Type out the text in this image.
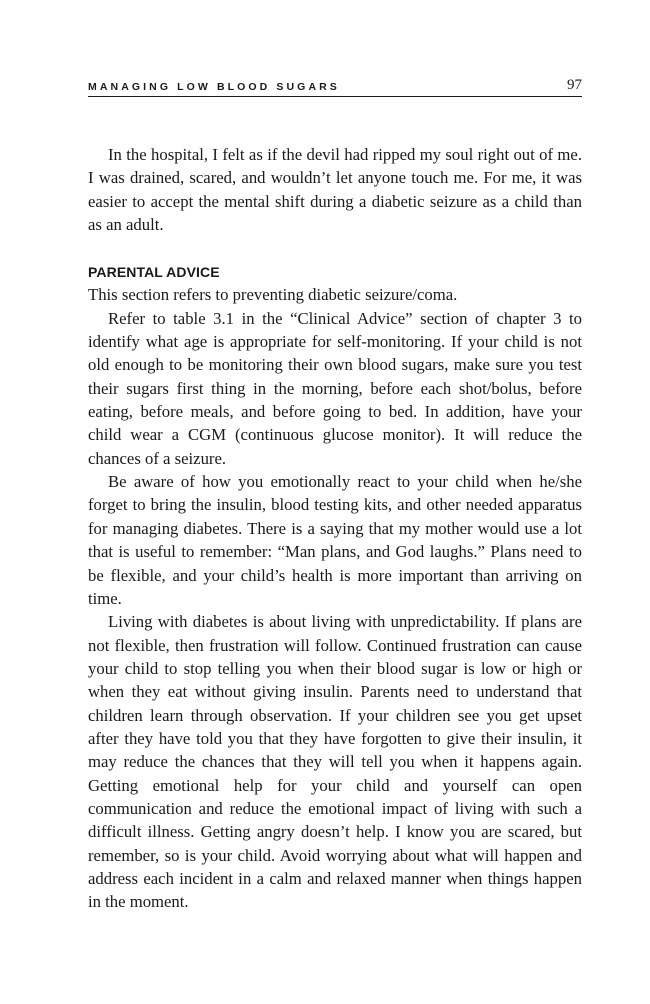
MANAGING LOW BLOOD SUGARS	97

In the hospital, I felt as if the devil had ripped my soul right out of me. I was drained, scared, and wouldn’t let anyone touch me. For me, it was easier to accept the mental shift during a diabetic seizure as a child than as an adult.

PARENTAL ADVICE

This section refers to preventing diabetic seizure/coma.

Refer to table 3.1 in the “Clinical Advice” section of chapter 3 to identify what age is appropriate for self-monitoring. If your child is not old enough to be monitoring their own blood sugars, make sure you test their sugars first thing in the morning, before each shot/bolus, before eating, before meals, and before going to bed. In addition, have your child wear a CGM (continuous glucose monitor). It will reduce the chances of a seizure.

Be aware of how you emotionally react to your child when he/she forget to bring the insulin, blood testing kits, and other needed apparatus for managing diabetes. There is a saying that my mother would use a lot that is useful to remember: “Man plans, and God laughs.” Plans need to be flexible, and your child’s health is more important than arriving on time.

Living with diabetes is about living with unpredictability. If plans are not flexible, then frustration will follow. Continued frustration can cause your child to stop telling you when their blood sugar is low or high or when they eat without giving insulin. Parents need to understand that children learn through observation. If your children see you get upset after they have told you that they have forgotten to give their insulin, it may reduce the chances that they will tell you when it happens again. Getting emotional help for your child and yourself can open communication and reduce the emotional impact of living with such a difficult illness. Getting angry doesn’t help. I know you are scared, but remember, so is your child. Avoid worrying about what will happen and address each incident in a calm and relaxed manner when things happen in the moment.
